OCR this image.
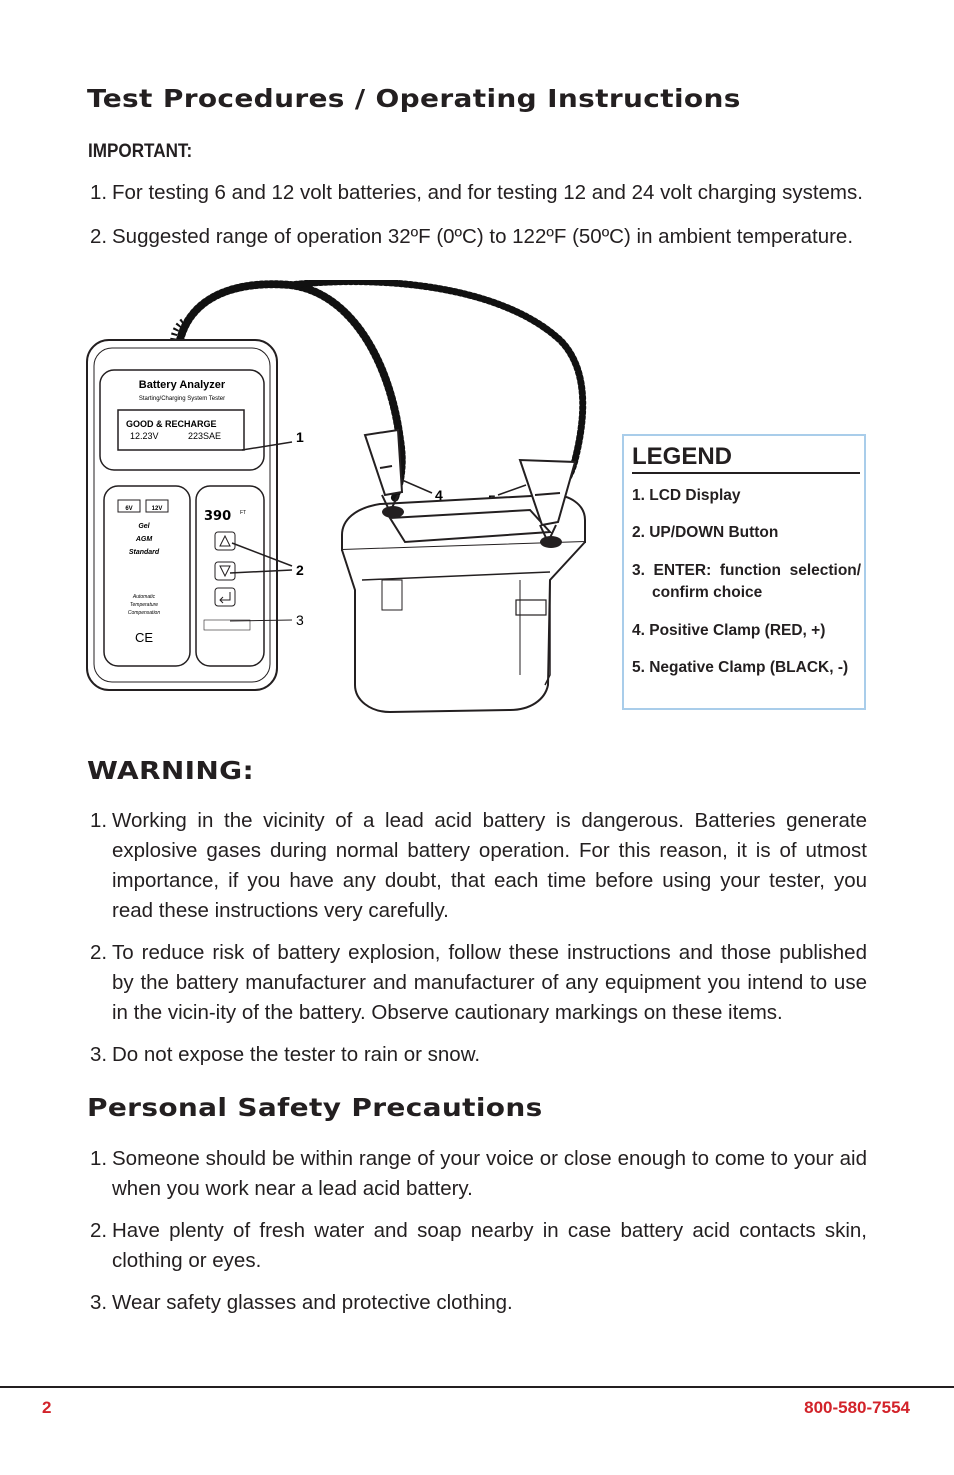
Test Procedures / Operating Instructions
IMPORTANT:
1. For testing 6 and 12 volt batteries, and for testing 12 and 24 volt charging systems.
2. Suggested range of operation 32ºF (0ºC) to 122ºF (50ºC) in ambient temperature.
Battery Analyzer
Starting/Charging System Tester
GOOD & RECHARGE
12.23V	223SAE
6V	12V
Gel
AGM
Standard
Automatic
Temperature
Compensation
CE
390 FT
1
2
3
4
LEGEND
1. LCD Display
2. UP/DOWN Button
3.  ENTER:  function  selection/
confirm choice
4. Positive Clamp (RED, +)
5. Negative Clamp (BLACK, -)
WARNING:
1. Working in the vicinity of a lead acid battery is dangerous. Batteries generate explosive gases during normal battery operation. For this reason, it is of utmost importance, if you have any doubt, that each time before using your tester, you read these instructions very carefully.
2. To reduce risk of battery explosion, follow these instructions and those published by the battery manufacturer and manufacturer of any equipment you intend to use in the vicin-ity of the battery. Observe cautionary markings on these items.
3. Do not expose the tester to rain or snow.
Personal Safety Precautions
1. Someone should be within range of your voice or close enough to come to your aid when you work near a lead acid battery.
2. Have plenty of fresh water and soap nearby in case battery acid contacts skin, clothing or eyes.
3. Wear safety glasses and protective clothing.
2	800-580-7554
